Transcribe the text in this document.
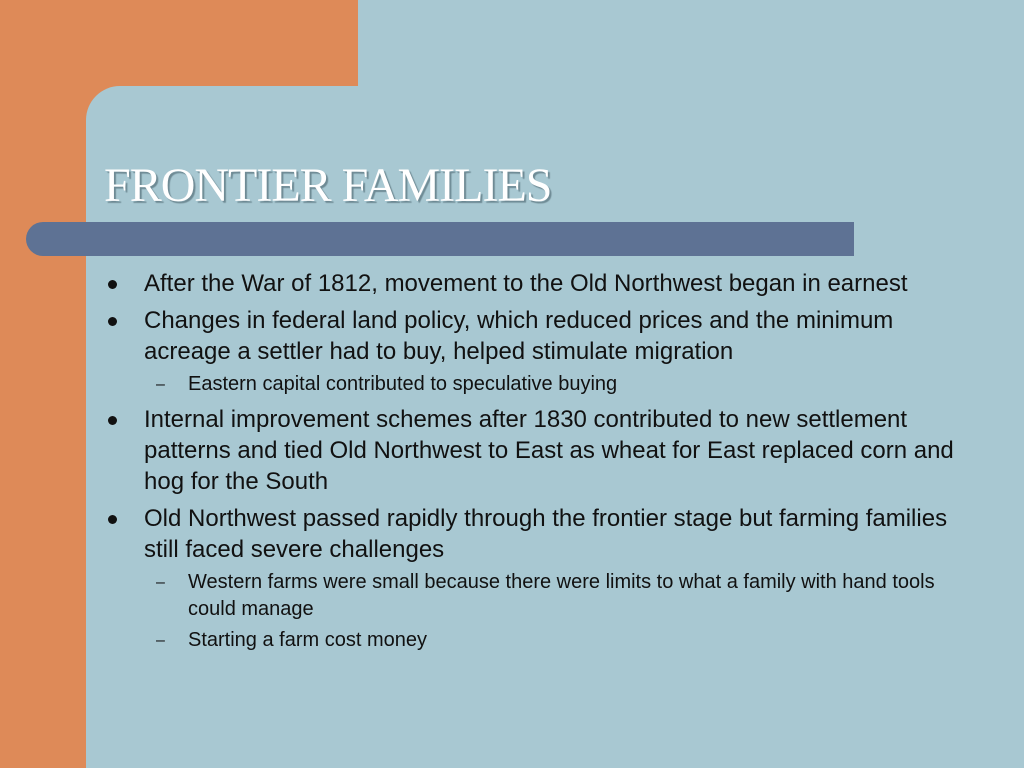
FRONTIER FAMILIES
After the War of 1812, movement to the Old Northwest began in earnest
Changes in federal land policy, which reduced prices and the minimum acreage a settler had to buy, helped stimulate migration
– Eastern capital contributed to speculative buying
Internal improvement schemes after 1830 contributed to new settlement patterns and tied Old Northwest to East as wheat for East replaced corn and hog for the South
Old Northwest passed rapidly through the frontier stage but farming families still faced severe challenges
– Western farms were small because there were limits to what a family with hand tools could manage
– Starting a farm cost money
